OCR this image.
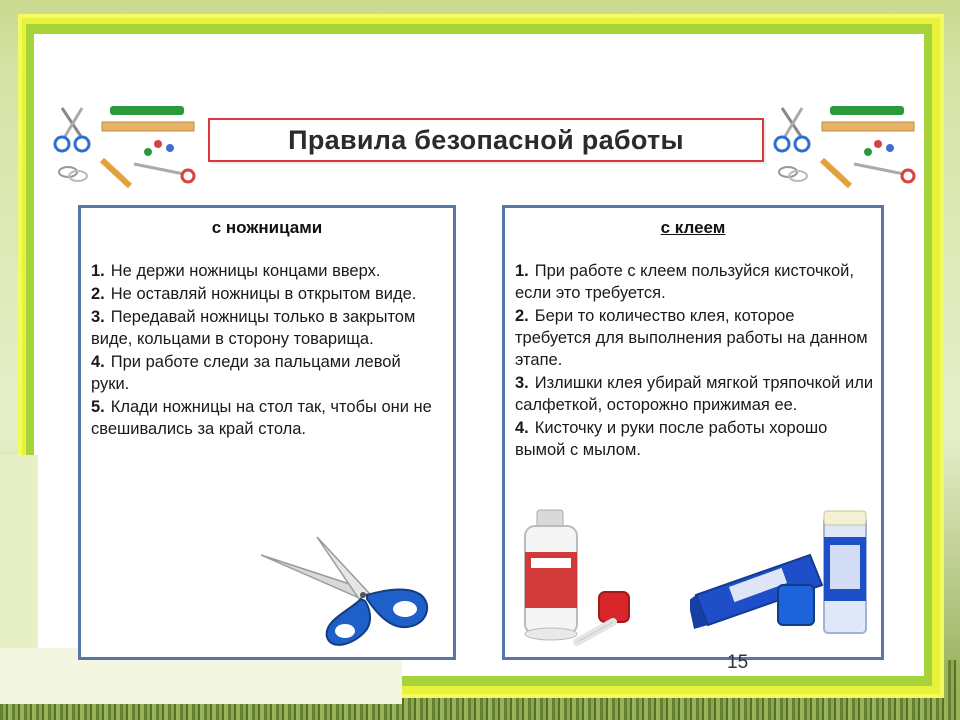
Правила безопасной работы
с ножницами
1. Не держи ножницы концами вверх.
2. Не оставляй ножницы в открытом виде.
3. Передавай ножницы только в закрытом виде, кольцами в сторону товарища.
4. При работе следи за пальцами левой руки.
5. Клади ножницы на стол так, чтобы они не свешивались за край стола.
с клеем
1. При работе с клеем пользуйся кисточкой, если это требуется.
2. Бери то количество клея, которое требуется для выполнения работы на данном этапе.
3. Излишки клея убирай мягкой тряпочкой или салфеткой, осторожно прижимая ее.
4. Кисточку и руки после работы хорошо вымой с мылом.
15
